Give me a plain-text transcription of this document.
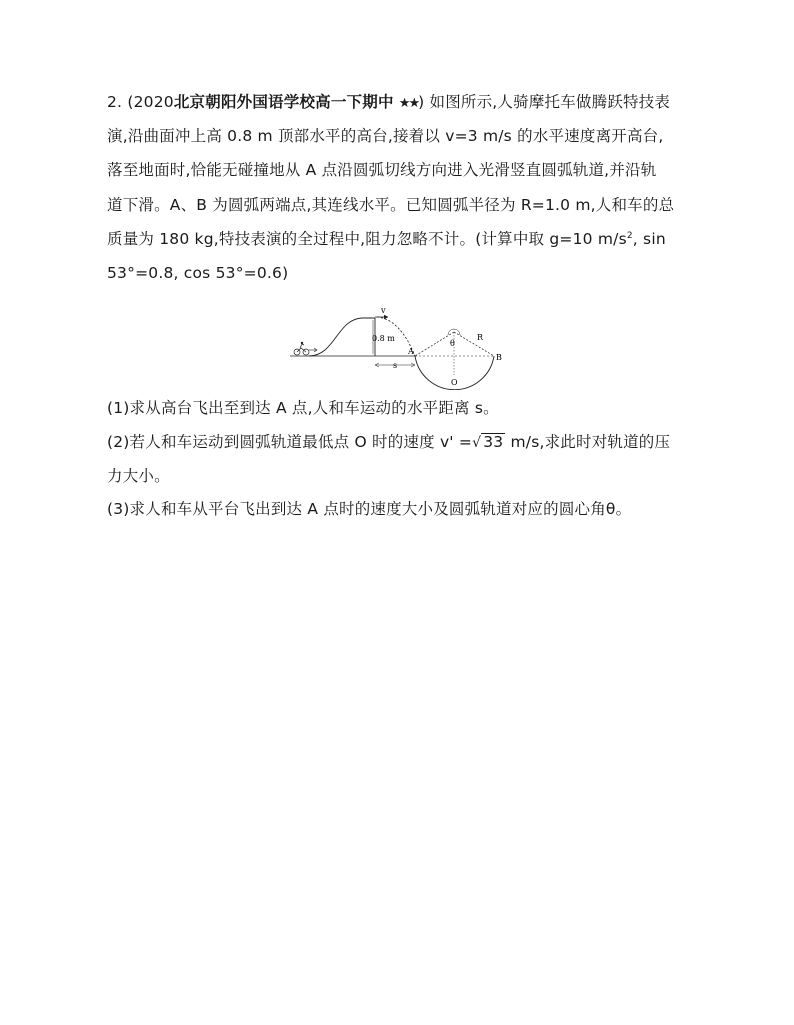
2. (2020北京朝阳外国语学校高一下期中 ★★) 如图所示,人骑摩托车做腾跃特技表
演,沿曲面冲上高 0.8 m 顶部水平的高台,接着以 v=3 m/s 的水平速度离开高台,
落至地面时,恰能无碰撞地从 A 点沿圆弧切线方向进入光滑竖直圆弧轨道,并沿轨
道下滑。A、B 为圆弧两端点,其连线水平。已知圆弧半径为 R=1.0 m,人和车的总
质量为 180 kg,特技表演的全过程中,阻力忽略不计。(计算中取 g=10 $m/s^2$, sin
53°=0.8, cos 53°=0.6)
v
0.8 m
s
A
θ
R
B
O
(1)求从高台飞出至到达 A 点,人和车运动的水平距离 s。
(2)若人和车运动到圆弧轨道最低点 O 时的速度 v' =√ 33 m/s,求此时对轨道的压
力大小。
(3)求人和车从平台飞出到达 A 点时的速度大小及圆弧轨道对应的圆心角θ。
